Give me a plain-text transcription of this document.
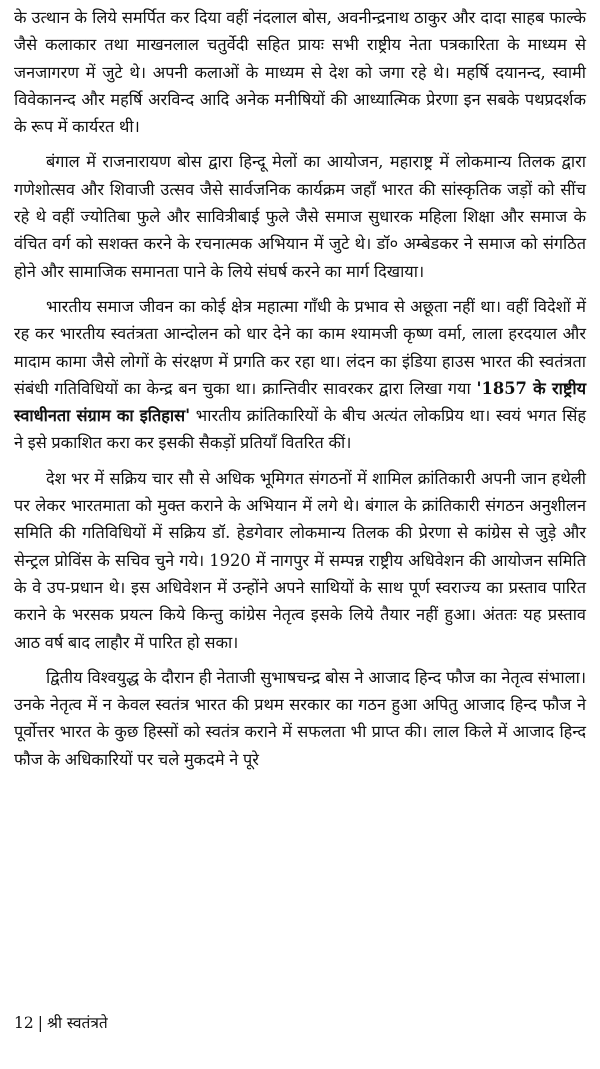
के उत्थान के लिये समर्पित कर दिया वहीं नंदलाल बोस, अवनीन्द्रनाथ ठाकुर और दादा साहब फाल्के जैसे कलाकार तथा माखनलाल चतुर्वेदी सहित प्रायः सभी राष्ट्रीय नेता पत्रकारिता के माध्यम से जनजागरण में जुटे थे। अपनी कलाओं के माध्यम से देश को जगा रहे थे। महर्षि दयानन्द, स्वामी विवेकानन्द और महर्षि अरविन्द आदि अनेक मनीषियों की आध्यात्मिक प्रेरणा इन सबके पथप्रदर्शक के रूप में कार्यरत थी।

बंगाल में राजनारायण बोस द्वारा हिन्दू मेलों का आयोजन, महाराष्ट्र में लोकमान्य तिलक द्वारा गणेशोत्सव और शिवाजी उत्सव जैसे सार्वजनिक कार्यक्रम जहाँ भारत की सांस्कृतिक जड़ों को सींच रहे थे वहीं ज्योतिबा फुले और सावित्रीबाई फुले जैसे समाज सुधारक महिला शिक्षा और समाज के वंचित वर्ग को सशक्त करने के रचनात्मक अभियान में जुटे थे। डॉ० अम्बेडकर ने समाज को संगठित होने और सामाजिक समानता पाने के लिये संघर्ष करने का मार्ग दिखाया।

भारतीय समाज जीवन का कोई क्षेत्र महात्मा गाँधी के प्रभाव से अछूता नहीं था। वहीं विदेशों में रह कर भारतीय स्वतंत्रता आन्दोलन को धार देने का काम श्यामजी कृष्ण वर्मा, लाला हरदयाल और मादाम कामा जैसे लोगों के संरक्षण में प्रगति कर रहा था। लंदन का इंडिया हाउस भारत की स्वतंत्रता संबंधी गतिविधियों का केन्द्र बन चुका था। क्रान्तिवीर सावरकर द्वारा लिखा गया '1857 के राष्ट्रीय स्वाधीनता संग्राम का इतिहास' भारतीय क्रांतिकारियों के बीच अत्यंत लोकप्रिय था। स्वयं भगत सिंह ने इसे प्रकाशित करा कर इसकी सैकड़ों प्रतियाँ वितरित कीं।

देश भर में सक्रिय चार सौ से अधिक भूमिगत संगठनों में शामिल क्रांतिकारी अपनी जान हथेली पर लेकर भारतमाता को मुक्त कराने के अभियान में लगे थे। बंगाल के क्रांतिकारी संगठन अनुशीलन समिति की गतिविधियों में सक्रिय डॉ. हेडगेवार लोकमान्य तिलक की प्रेरणा से कांग्रेस से जुड़े और सेन्ट्रल प्रोविंस के सचिव चुने गये। 1920 में नागपुर में सम्पन्न राष्ट्रीय अधिवेशन की आयोजन समिति के वे उप-प्रधान थे। इस अधिवेशन में उन्होंने अपने साथियों के साथ पूर्ण स्वराज्य का प्रस्ताव पारित कराने के भरसक प्रयत्न किये किन्तु कांग्रेस नेतृत्व इसके लिये तैयार नहीं हुआ। अंततः यह प्रस्ताव आठ वर्ष बाद लाहौर में पारित हो सका।

द्वितीय विश्वयुद्ध के दौरान ही नेताजी सुभाषचन्द्र बोस ने आजाद हिन्द फौज का नेतृत्व संभाला। उनके नेतृत्व में न केवल स्वतंत्र भारत की प्रथम सरकार का गठन हुआ अपितु आजाद हिन्द फौज ने पूर्वोत्तर भारत के कुछ हिस्सों को स्वतंत्र कराने में सफलता भी प्राप्त की। लाल किले में आजाद हिन्द फौज के अधिकारियों पर चले मुकदमे ने पूरे

12 | श्री स्वतंत्रते
